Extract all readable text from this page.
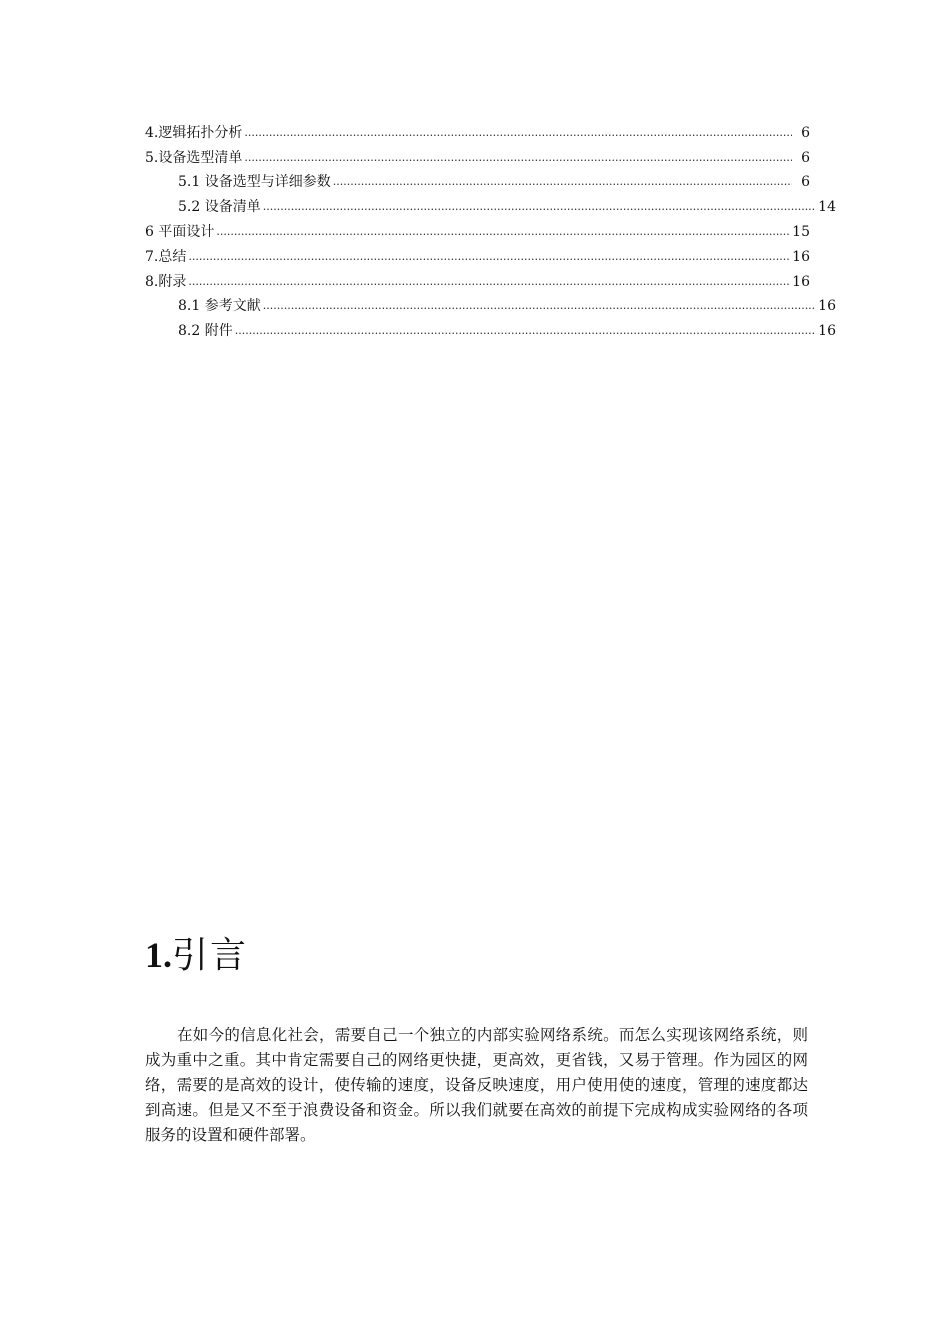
4.逻辑拓扑分析 .....	6
5.设备选型清单 .....	6
5.1 设备选型与详细参数 .....	6
5.2 设备清单 .....	14
6 平面设计 .....	15
7.总结 .....	16
8.附录 .....	16
8.1 参考文献 .....	16
8.2 附件 .....	16
1.引言

在如今的信息化社会，需要自己一个独立的内部实验网络系统。而怎么实现该网络系统，则成为重中之重。其中肯定需要自己的网络更快捷，更高效，更省钱，又易于管理。作为园区的网络，需要的是高效的设计，使传输的速度，设备反映速度，用户使用使的速度，管理的速度都达到高速。但是又不至于浪费设备和资金。所以我们就要在高效的前提下完成构成实验网络的各项服务的设置和硬件部署。
